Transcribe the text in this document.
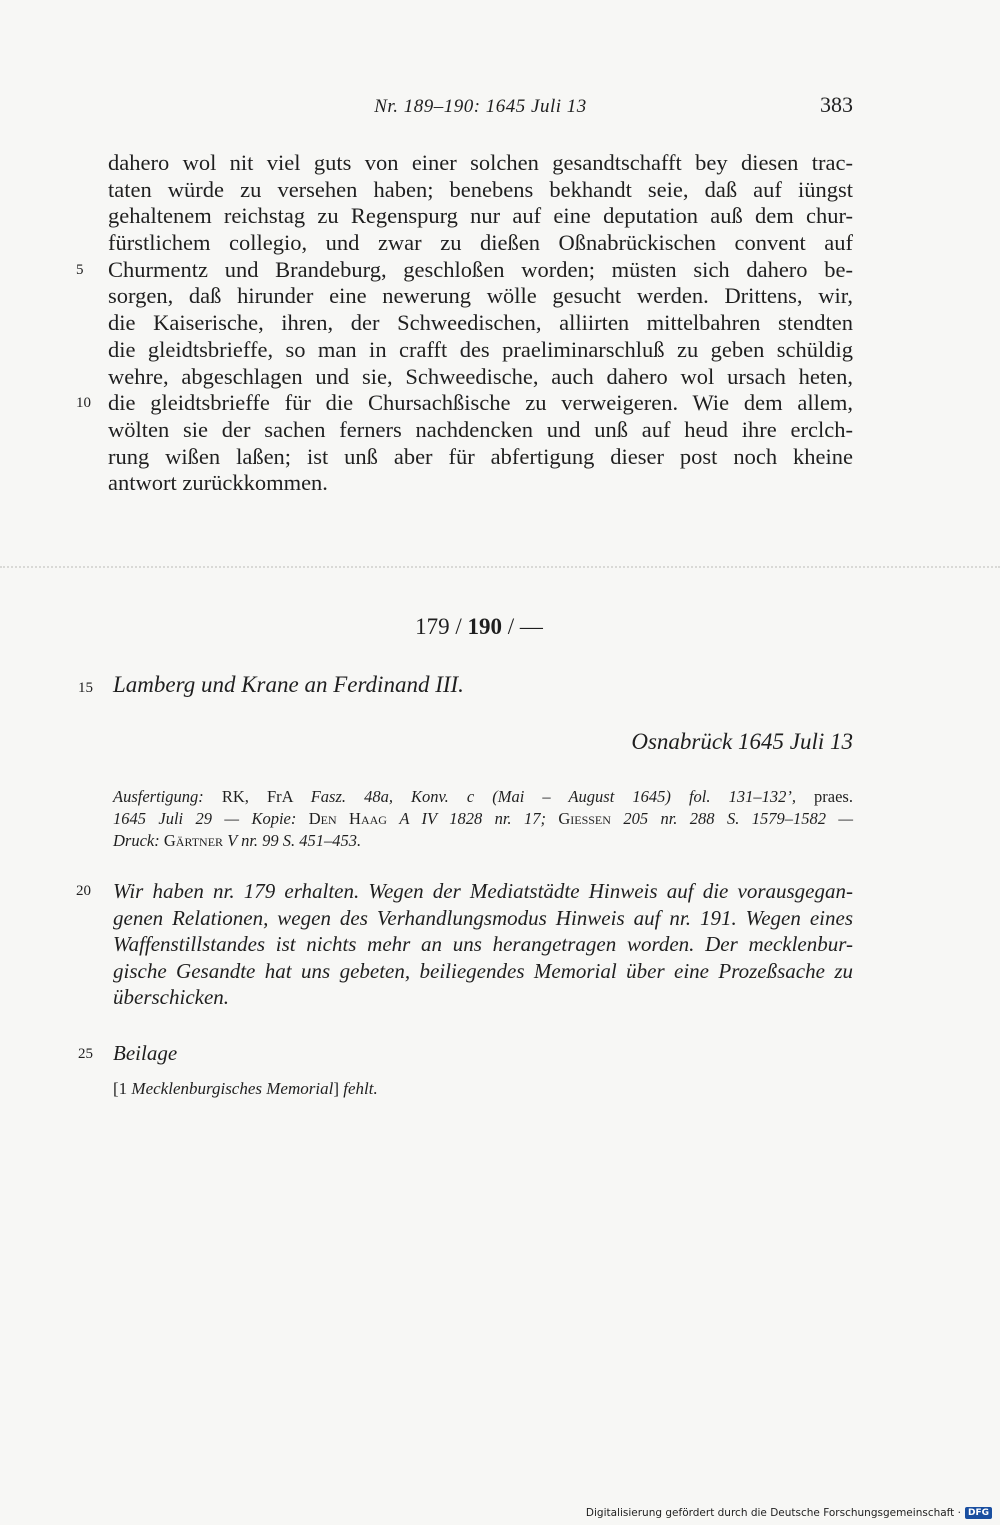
Nr. 189–190: 1645 Juli 13	383
dahero wol nit viel guts von einer solchen gesandtschafft bey diesen trac-
taten würde zu versehen haben; benebens bekhandt seie, daß auf iüngst
gehaltenem reichstag zu Regenspurg nur auf eine deputation auß dem chur-
fürstlichem collegio, und zwar zu dießen Oßnabrückischen convent auf
5	Churmentz und Brandeburg, geschloßen worden; müsten sich dahero be-
sorgen, daß hirunder eine newerung wölle gesucht werden. Drittens, wir,
die Kaiserische, ihren, der Schweedischen, alliirten mittelbahren stendten
die gleidtsbrieffe, so man in crafft des praeliminarschluß zu geben schüldig
wehre, abgeschlagen und sie, Schweedische, auch dahero wol ursach heten,
10 die gleidtsbrieffe für die Chursachßische zu verweigeren. Wie dem allem,
wölten sie der sachen ferners nachdencken und unß auf heud ihre erclch-
rung wißen laßen; ist unß aber für abfertigung dieser post noch kheine
antwort zurückkommen.
179 / 190 / —
15 Lamberg und Krane an Ferdinand III.
Osnabrück 1645 Juli 13
Ausfertigung: RK, FrA Fasz. 48a, Konv. c (Mai – August 1645) fol. 131–132’, praes.
1645 Juli 29 — Kopie: Den Haag A IV 1828 nr. 17; Giessen 205 nr. 288 S. 1579–1582 —
Druck: Gärtner V nr. 99 S. 451–453.
20 Wir haben nr. 179 erhalten. Wegen der Mediatstädte Hinweis auf die vorausgegan-
genen Relationen, wegen des Verhandlungsmodus Hinweis auf nr. 191. Wegen eines
Waffenstillstandes ist nichts mehr an uns herangetragen worden. Der mecklenbur-
gische Gesandte hat uns gebeten, beiliegendes Memorial über eine Prozeßsache zu
überschicken.
25 Beilage
[1 Mecklenburgisches Memorial] fehlt.
Digitalisierung gefördert durch die Deutsche Forschungsgemeinschaft · DFG
